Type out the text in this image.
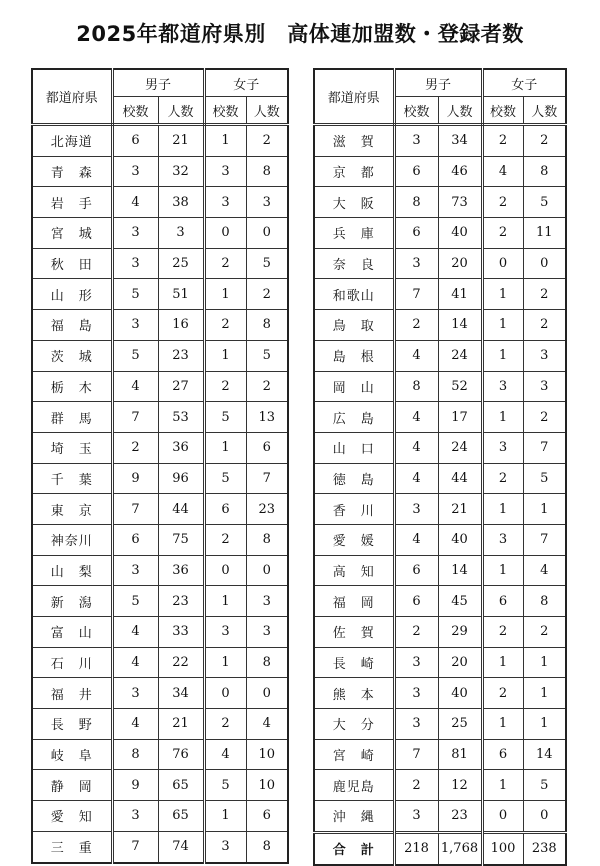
2025年都道府県別　高体連加盟数・登録者数
都道府県	男子		女子	
	校数	人数	校数	人数
北海道	6	21	1	2
青　森	3	32	3	8
岩　手	4	38	3	3
宮　城	3	3	0	0
秋　田	3	25	2	5
山　形	5	51	1	2
福　島	3	16	2	8
茨　城	5	23	1	5
栃　木	4	27	2	2
群　馬	7	53	5	13
埼　玉	2	36	1	6
千　葉	9	96	5	7
東　京	7	44	6	23
神奈川	6	75	2	8
山　梨	3	36	0	0
新　潟	5	23	1	3
富　山	4	33	3	3
石　川	4	22	1	8
福　井	3	34	0	0
長　野	4	21	2	4
岐　阜	8	76	4	10
静　岡	9	65	5	10
愛　知	3	65	1	6
三　重	7	74	3	8
都道府県	男子		女子	
	校数	人数	校数	人数
滋　賀	3	34	2	2
京　都	6	46	4	8
大　阪	8	73	2	5
兵　庫	6	40	2	11
奈　良	3	20	0	0
和歌山	7	41	1	2
鳥　取	2	14	1	2
島　根	4	24	1	3
岡　山	8	52	3	3
広　島	4	17	1	2
山　口	4	24	3	7
徳　島	4	44	2	5
香　川	3	21	1	1
愛　媛	4	40	3	7
高　知	6	14	1	4
福　岡	6	45	6	8
佐　賀	2	29	2	2
長　崎	3	20	1	1
熊　本	3	40	2	1
大　分	3	25	1	1
宮　崎	7	81	6	14
鹿児島	2	12	1	5
沖　縄	3	23	0	0
合　計	218	1,768	100	238
